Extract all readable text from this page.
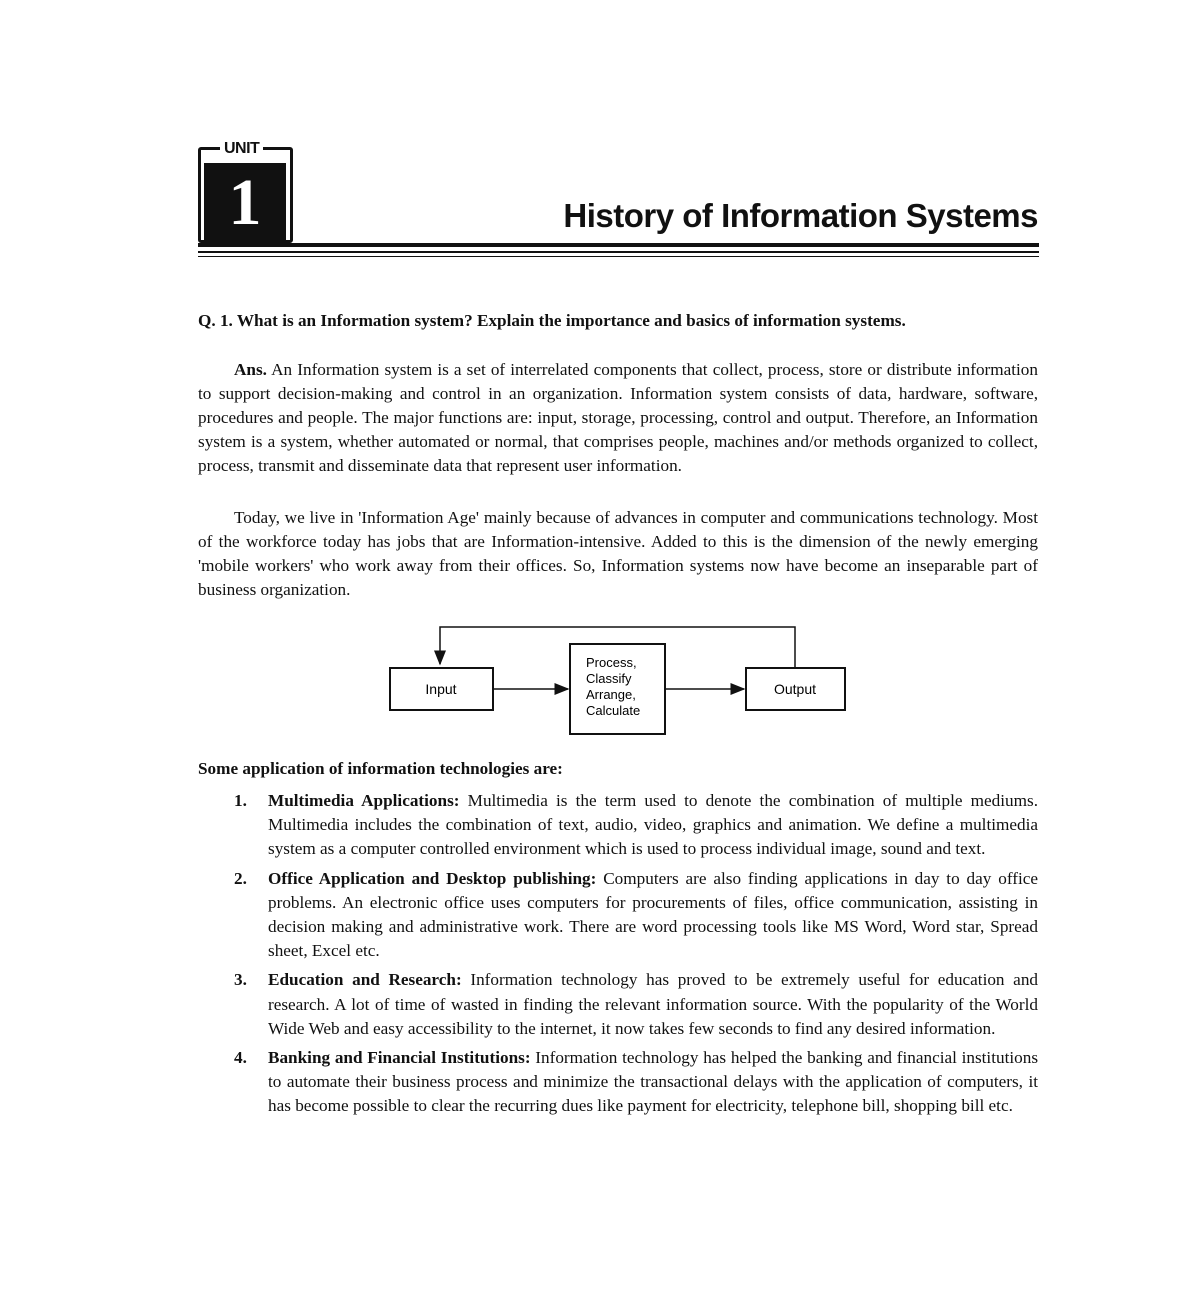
UNIT
1	History of Information Systems
Q. 1. What is an Information system? Explain the importance and basics of information systems.

Ans. An Information system is a set of interrelated components that collect, process, store or distribute information to support decision-making and control in an organization. Information system consists of data, hardware, software, procedures and people. The major functions are: input, storage, processing, control and output. Therefore, an Information system is a system, whether automated or normal, that comprises people, machines and/or methods organized to collect, process, transmit and disseminate data that represent user information.

Today, we live in 'Information Age' mainly because of advances in computer and communications technology. Most of the workforce today has jobs that are Information-intensive. Added to this is the dimension of the newly emerging 'mobile workers' who work away from their offices. So, Information systems now have become an inseparable part of business organization.

Input	Output
Process,
Classify
Arrange,
Calculate
Some application of information technologies are:
1. Multimedia Applications: Multimedia is the term used to denote the combination of multiple mediums. Multimedia includes the combination of text, audio, video, graphics and animation. We define a multimedia system as a computer controlled environment which is used to process individual image, sound and text.
2. Office Application and Desktop publishing: Computers are also finding applications in day to day office problems. An electronic office uses computers for procurements of files, office communication, assisting in decision making and administrative work. There are word processing tools like MS Word, Word star, Spread sheet, Excel etc.
3. Education and Research: Information technology has proved to be extremely useful for education and research. A lot of time of wasted in finding the relevant information source. With the popularity of the World Wide Web and easy accessibility to the internet, it now takes few seconds to find any desired information.
4. Banking and Financial Institutions: Information technology has helped the banking and financial institutions to automate their business process and minimize the transactional delays with the application of computers, it has become possible to clear the recurring dues like payment for electricity, telephone bill, shopping bill etc.
